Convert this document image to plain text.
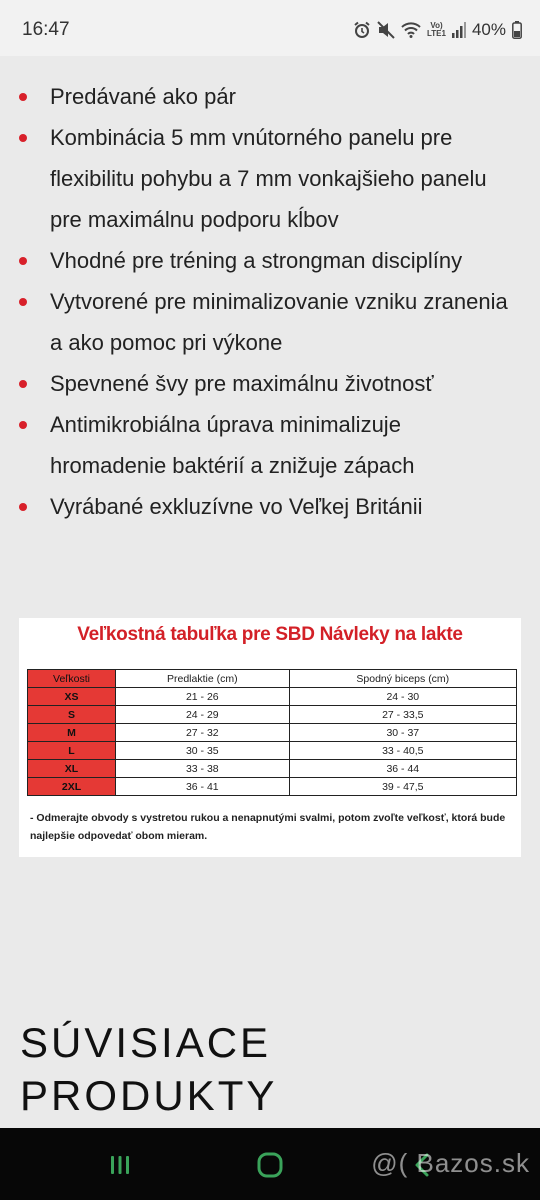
16:47	Vo)
LTE1 40%
Predávané ako pár
Kombinácia 5 mm vnútorného panelu pre flexibilitu pohybu a 7 mm vonkajšieho panelu pre maximálnu podporu kĺbov
Vhodné pre tréning a strongman disciplíny
Vytvorené pre minimalizovanie vzniku zranenia a ako pomoc pri výkone
Spevnené švy pre maximálnu životnosť
Antimikrobiálna úprava minimalizuje hromadenie baktérií a znižuje zápach
Vyrábané exkluzívne vo Veľkej Británii
Veľkostná tabuľka pre SBD Návleky na lakte
Veľkosti	Predlaktie (cm)	Spodný biceps (cm)
XS	21 - 26	24 - 30
S	24 - 29	27 - 33,5
M	27 - 32	30 - 37
L	30 - 35	33 - 40,5
XL	33 - 38	36 - 44
2XL	36 - 41	39 - 47,5
- Odmerajte obvody s vystretou rukou a nenapnutými svalmi, potom zvoľte veľkosť, ktorá bude najlepšie odpovedať obom mieram.
SÚVISIACE PRODUKTY
@( Bazos.sk
